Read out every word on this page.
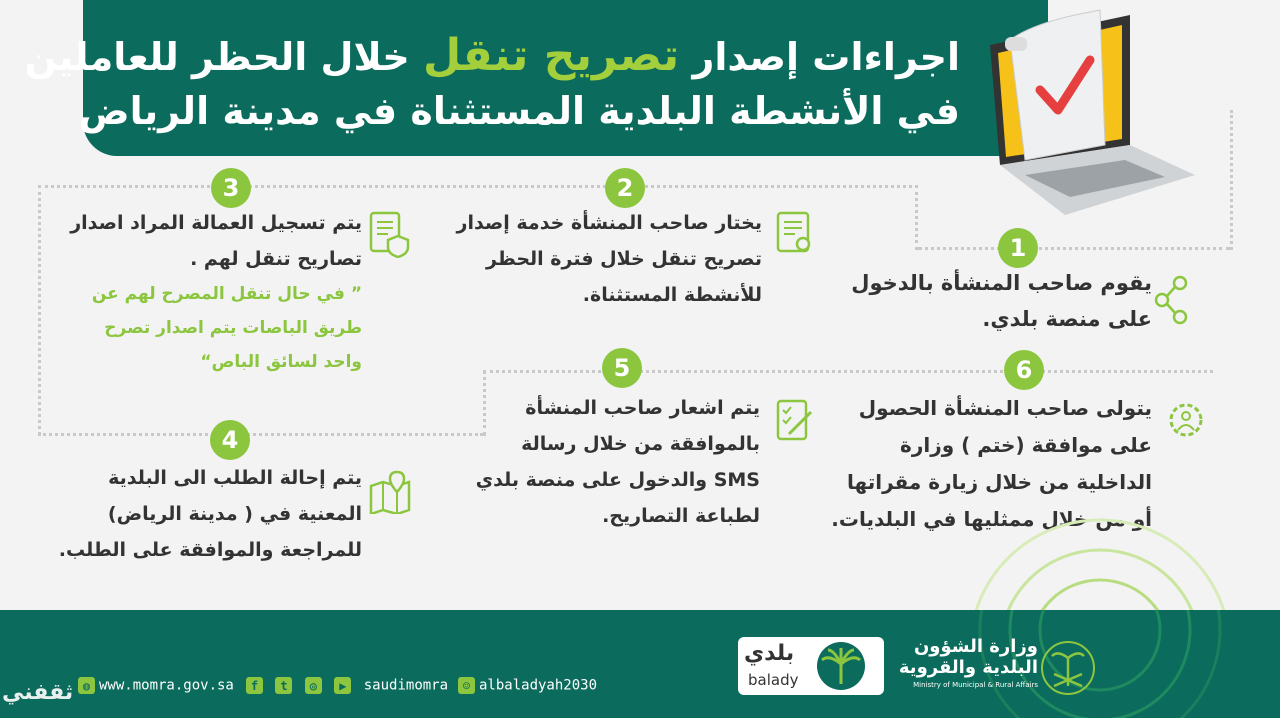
اجراءات إصدار تصريح تنقل خلال الحظر للعاملين
في الأنشطة البلدية المستثناة في مدينة الرياض
1
2
3
4
5	6
يقوم صاحب المنشأة بالدخول
على منصة بلدي.
يختار صاحب المنشأة خدمة إصدار
تصريح تنقل خلال فترة الحظر
للأنشطة المستثناة.
يتم تسجيل العمالة المراد اصدار
تصاريح تنقل لهم .
” في حال تنقل المصرح لهم عن
طريق الباصات يتم اصدار تصرح
واحد لسائق الباص“
يتم إحالة الطلب الى البلدية
المعنية في ( مدينة الرياض)
للمراجعة والموافقة على الطلب.
يتم اشعار صاحب المنشأة
بالموافقة من خلال رسالة
SMS والدخول على منصة بلدي
لطباعة التصاريح.
يتولى صاحب المنشأة الحصول
على موافقة (ختم ) وزارة
الداخلية من خلال زيارة مقراتها
أو من خلال ممثليها في البلديات.
◍ www.momra.gov.sa	f t ◎ ▶ saudimomra	☺ albaladyah2030
بلدي
balady
وزارة الشؤون
البلدية والقروية
Ministry of Municipal & Rural Affairs
ثقفني
